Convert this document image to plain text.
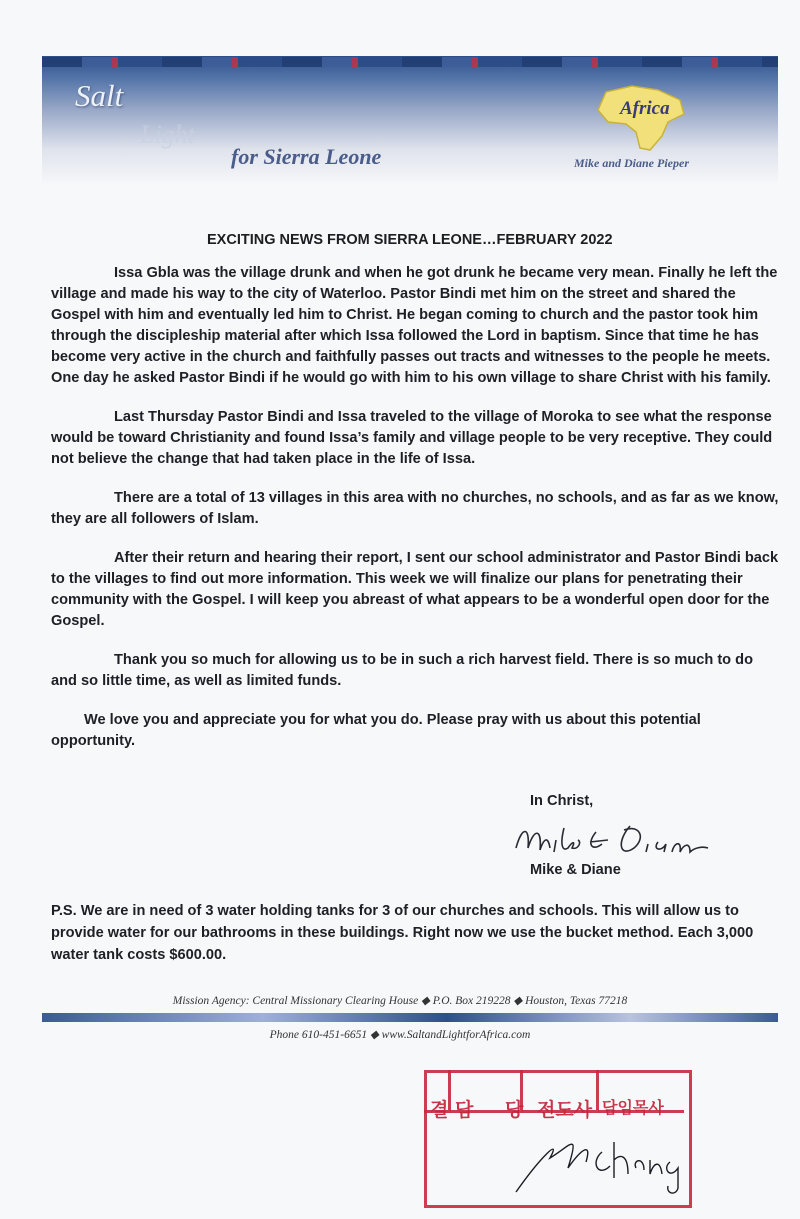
Salt
Light
for Sierra Leone
Africa
Mike and Diane Pieper
EXCITING NEWS FROM SIERRA LEONE…FEBRUARY 2022

Issa Gbla was the village drunk and when he got drunk he became very mean. Finally he left the village and made his way to the city of Waterloo. Pastor Bindi met him on the street and shared the Gospel with him and eventually led him to Christ. He began coming to church and the pastor took him through the discipleship material after which Issa followed the Lord in baptism. Since that time he has become very active in the church and faithfully passes out tracts and witnesses to the people he meets. One day he asked Pastor Bindi if he would go with him to his own village to share Christ with his family.

Last Thursday Pastor Bindi and Issa traveled to the village of Moroka to see what the response would be toward Christianity and found Issa’s family and village people to be very receptive. They could not believe the change that had taken place in the life of Issa.

There are a total of 13 villages in this area with no churches, no schools, and as far as we know, they are all followers of Islam.

After their return and hearing their report, I sent our school administrator and Pastor Bindi back to the villages to find out more information. This week we will finalize our plans for penetrating their community with the Gospel. I will keep you abreast of what appears to be a wonderful open door for the Gospel.

Thank you so much for allowing us to be in such a rich harvest field. There is so much to do and so little time, as well as limited funds.

We love you and appreciate you for what you do. Please pray with us about this potential opportunity.

In Christ,
Mike & Diane
P.S. We are in need of 3 water holding tanks for 3 of our churches and schools. This will allow us to provide water for our bathrooms in these buildings. Right now we use the bucket method. Each 3,000 water tank costs $600.00.
Mission Agency: Central Missionary Clearing House ◆ P.O. Box 219228 ◆ Houston, Texas 77218
Phone 610-451-6651 ◆ www.SaltandLightforAfrica.com
결 담 당 전도사 담임목사
